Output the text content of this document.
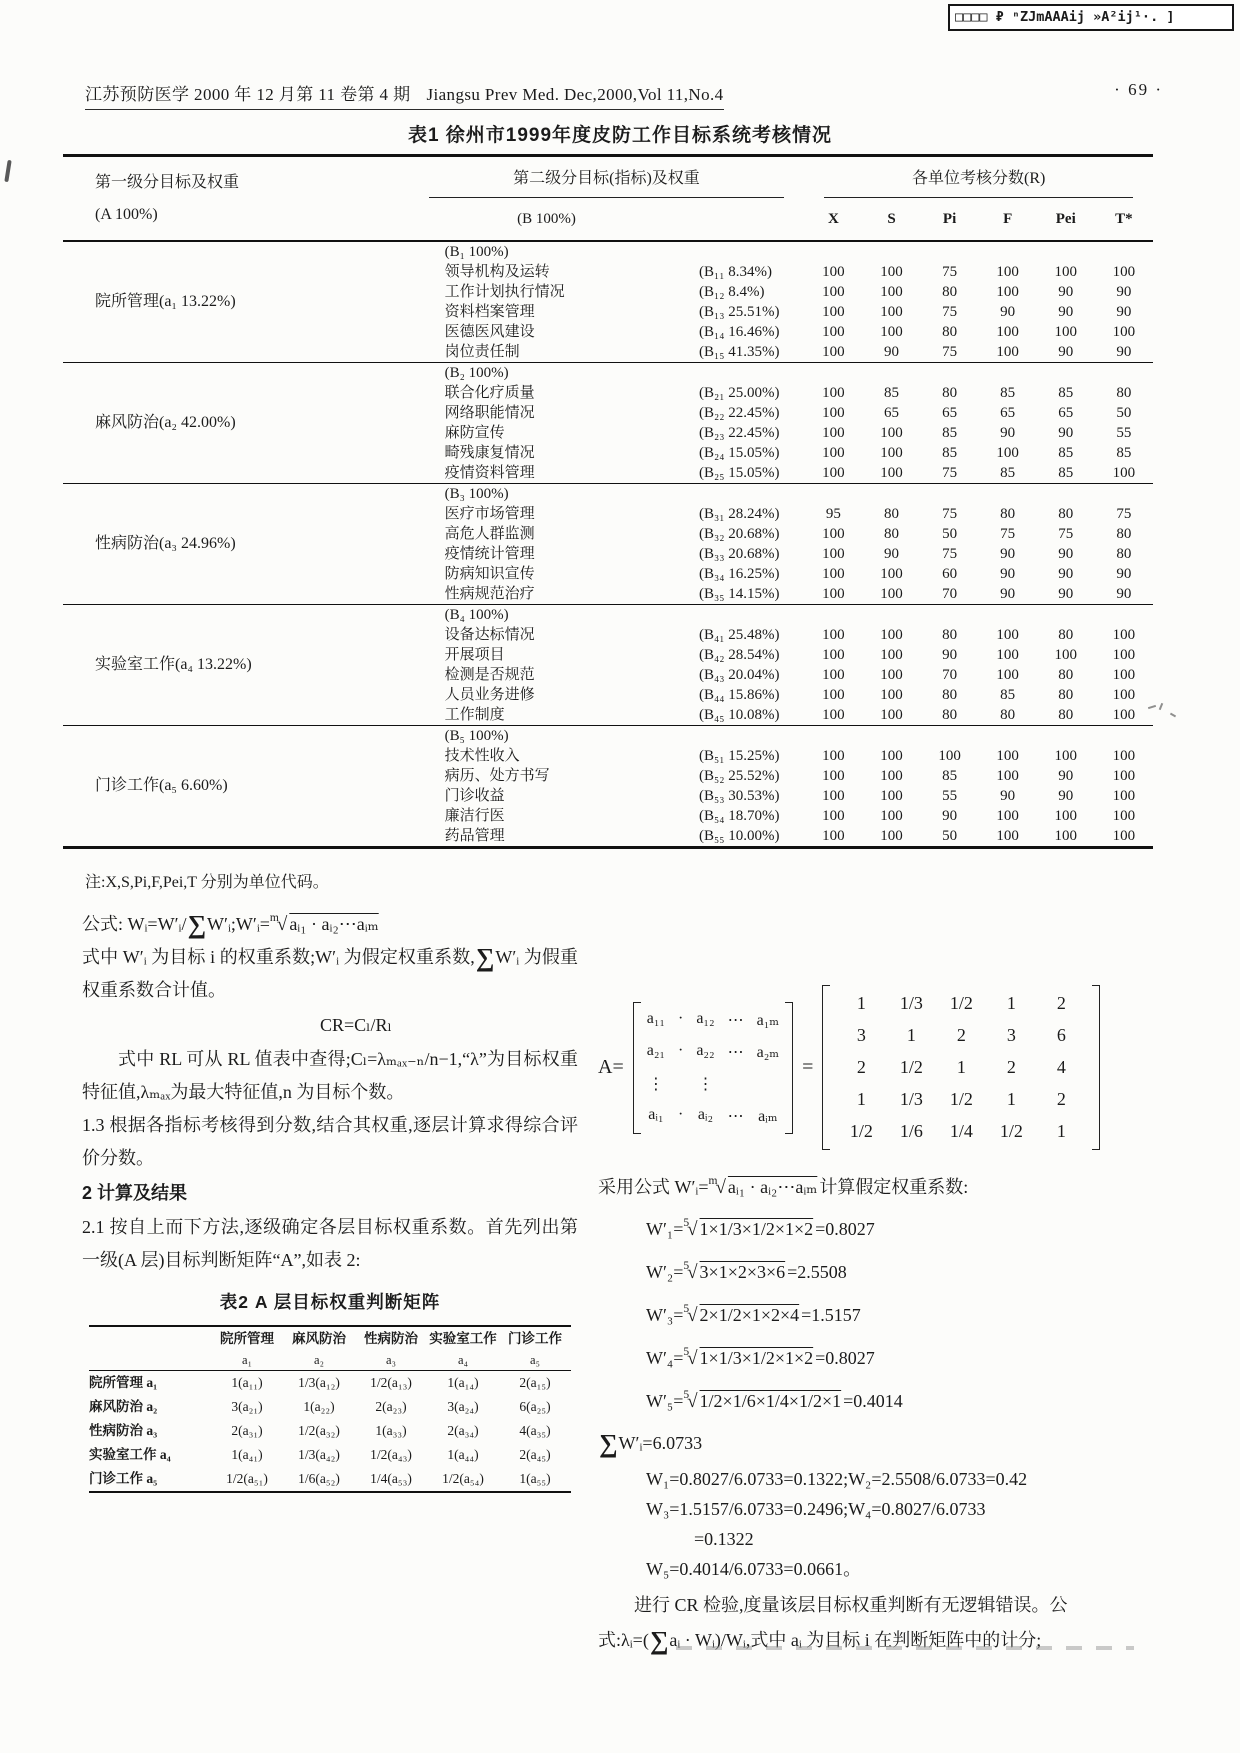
□□□□ ₽ ⁿZJmAAAij »A²ij¹·. ]
江苏预防医学 2000 年 12 月第 11 卷第 4 期 Jiangsu Prev Med. Dec,2000,Vol 11,No.4	· 69 ·
表1 徐州市1999年度皮防工作目标系统考核情况
第一级分目标及权重
(A 100%)	第二级分目标(指标)及权重		各单位考核分数(R)					

	(B 100%)		X	S	Pi	F	Pei	T*
院所管理(a₁ 13.22%)	(B₁ 100%)							
	领导机构及运转	(B₁₁ 8.34%)	100	100	75	100	100	100
	工作计划执行情况	(B₁₂ 8.4%)	100	100	80	100	90	90
	资料档案管理	(B₁₃ 25.51%)	100	100	75	90	90	90
	医德医风建设	(B₁₄ 16.46%)	100	100	80	100	100	100
	岗位责任制	(B₁₅ 41.35%)	100	90	75	100	90	90
麻风防治(a₂ 42.00%)	(B₂ 100%)							
	联合化疗质量	(B₂₁ 25.00%)	100	85	80	85	85	80
	网络职能情况	(B₂₂ 22.45%)	100	65	65	65	65	50
	麻防宣传	(B₂₃ 22.45%)	100	100	85	90	90	55
	畸残康复情况	(B₂₄ 15.05%)	100	100	85	100	85	85
	疫情资料管理	(B₂₅ 15.05%)	100	100	75	85	85	100
性病防治(a₃ 24.96%)	(B₃ 100%)							
	医疗市场管理	(B₃₁ 28.24%)	95	80	75	80	80	75
	高危人群监测	(B₃₂ 20.68%)	100	80	50	75	75	80
	疫情统计管理	(B₃₃ 20.68%)	100	90	75	90	90	80
	防病知识宣传	(B₃₄ 16.25%)	100	100	60	90	90	90
	性病规范治疗	(B₃₅ 14.15%)	100	100	70	90	90	90
实验室工作(a₄ 13.22%)	(B₄ 100%)							
	设备达标情况	(B₄₁ 25.48%)	100	100	80	100	80	100
	开展项目	(B₄₂ 28.54%)	100	100	90	100	100	100
	检测是否规范	(B₄₃ 20.04%)	100	100	70	100	80	100
	人员业务进修	(B₄₄ 15.86%)	100	100	80	85	80	100
	工作制度	(B₄₅ 10.08%)	100	100	80	80	80	100
门诊工作(a₅ 6.60%)	(B₅ 100%)							
	技术性收入	(B₅₁ 15.25%)	100	100	100	100	100	100
	病历、处方书写	(B₅₂ 25.52%)	100	100	85	100	90	100
	门诊收益	(B₅₃ 30.53%)	100	100	55	90	90	100
	廉洁行医	(B₅₄ 18.70%)	100	100	90	100	100	100
	药品管理	(B₅₅ 10.00%)	100	100	50	100	100	100
注:X,S,Pi,F,Pei,T 分别为单位代码。
公式: Wᵢ=W′ᵢ/∑W′ᵢ;W′ᵢ=$^m$√ aᵢ₁ · aᵢ₂⋯aᵢₘ

式中 W′ᵢ 为目标 i 的权重系数;W′ᵢ 为假定权重系数,∑W′ᵢ 为假重权重系数合计值。

CR=Cₗ/Rₗ

式中 RL 可从 RL 值表中查得;Cₗ=λₘₐₓ₋ₙ/n−1,“λ”为目标权重特征值,λₘₐₓ为最大特征值,n 为目标个数。

1.3 根据各指标考核得到分数,结合其权重,逐层计算求得综合评价分数。

2 计算及结果

2.1 按自上而下方法,逐级确定各层目标权重系数。首先列出第一级(A 层)目标判断矩阵“A”,如表 2:

表2 A 层目标权重判断矩阵
	院所管理	麻风防治	性病防治	实验室工作	门诊工作
	a₁	a₂	a₃	a₄	a₅
院所管理 a₁	1(a₁₁)	1/3(a₁₂)	1/2(a₁₃)	1(a₁₄)	2(a₁₅)
麻风防治 a₂	3(a₂₁)	1(a₂₂)	2(a₂₃)	3(a₂₄)	6(a₂₅)
性病防治 a₃	2(a₃₁)	1/2(a₃₂)	1(a₃₃)	2(a₃₄)	4(a₃₅)
实验室工作 a₄	1(a₄₁)	1/3(a₄₂)	1/2(a₄₃)	1(a₄₄)	2(a₄₅)
门诊工作 a₅	1/2(a₅₁)	1/6(a₅₂)	1/4(a₅₃)	1/2(a₅₄)	1(a₅₅)
A=
a₁₁ · a₁₂ ⋯ a₁ₘ
a₂₁ · a₂₂ ⋯ a₂ₘ
⋮ ⋮
aᵢ₁ · aᵢ₂ ⋯ aᵢₘ
=
1	1/3	1/2	1	2
3	1	2	3	6
2	1/2	1	2	4
1	1/3	1/2	1	2
1/2	1/6	1/4	1/2	1
采用公式 W′ᵢ=$^m$√ aᵢ₁ · aᵢ₂⋯aᵢₘ 计算假定权重系数:
W′₁=$^5$√ 1×1/3×1/2×1×2 =0.8027
W′₂=$^5$√ 3×1×2×3×6 =2.5508
W′₃=$^5$√ 2×1/2×1×2×4 =1.5157
W′₄=$^5$√ 1×1/3×1/2×1×2 =0.8027
W′₅=$^5$√ 1/2×1/6×1/4×1/2×1 =0.4014
∑W′ᵢ=6.0733
W₁=0.8027/6.0733=0.1322;W₂=2.5508/6.0733=0.42
W₃=1.5157/6.0733=0.2496;W₄=0.8027/6.0733
=0.1322
W₅=0.4014/6.0733=0.0661。
进行 CR 检验,度量该层目标权重判断有无逻辑错误。公
式:λᵢ=(∑aᵢ · Wᵢ)/Wᵢ,式中 aᵢ 为目标 i 在判断矩阵中的计分;
